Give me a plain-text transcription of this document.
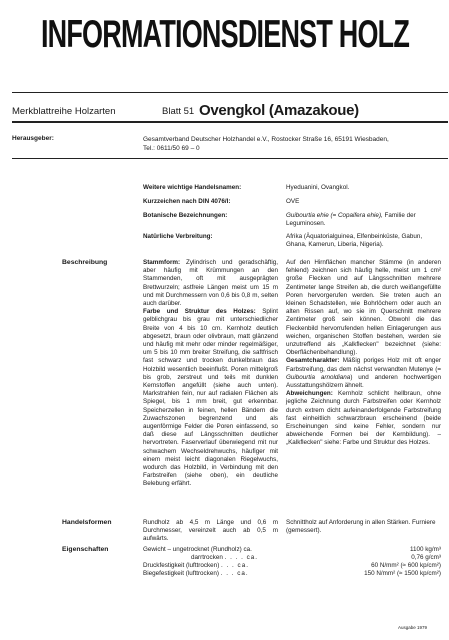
INFORMATIONSDIENST HOLZ
Merkblattreihe Holzarten	Blatt 51 Ovengkol (Amazakoue)
Herausgeber:	Gesamtverband Deutscher Holzhandel e.V., Rostocker Straße 16, 65191 Wiesbaden,
Tel.: 0611/50 69 – 0
Weitere wichtige Handelsnamen:	Hyeduanini, Ovangkol.
Kurzzeichen nach DIN 4076/I:	OVE
Botanische Bezeichnungen:	Guibourtia ehie (= Copaifera ehie), Familie der Leguminosen.
Natürliche Verbreitung:	Afrika (Äquatorialguinea, Elfenbeinküste, Gabun, Ghana, Kamerun, Liberia, Nigeria).
Beschreibung	Stammform: Zylindrisch und geradschäftig, aber häufig mit Krümmungen an den Stammenden, oft mit ausgeprägten Brettwurzeln; astfreie Längen meist um 15 m und mit Durchmessern von 0,6 bis 0,8 m, selten auch darüber.
Farbe und Struktur des Holzes: Splint gelblichgrau bis grau mit unterschiedlicher Breite von 4 bis 10 cm. Kernholz deutlich abgesetzt, braun oder olivbraun, matt glänzend und häufig mit mehr oder minder regelmäßiger, um 5 bis 10 mm breiter Streifung, die saftfrisch fast schwarz und trocken dunkelbraun das Holzbild wesentlich beeinflußt. Poren mittelgroß bis grob, zerstreut und teils mit dunklen Kernstoffen angefüllt (siehe auch unten). Markstrahlen fein, nur auf radialen Flächen als Spiegel, bis 1 mm breit, gut erkennbar. Speicherzellen in feinen, hellen Bändern die Zuwachszonen begrenzend und als augenförmige Felder die Poren einfassend, so daß diese auf Längsschnitten deutlicher hervortreten. Faserverlauf überwiegend mit nur schwachem Wechseldrehwuchs, häufiger mit einem meist leicht diagonalen Riegelwuchs, wodurch das Holzbild, in Verbindung mit den Farbstreifen (siehe oben), ein deutliche Belebung erfährt.
Auf den Hirnflächen mancher Stämme (in anderen fehlend) zeichnen sich häufig helle, meist um 1 cm² große Flecken und auf Längsschnitten mehrere Zentimeter lange Streifen ab, die durch weißangefüllte Poren hervorgerufen werden. Sie treten auch an kleinen Schadstellen, wie Bohrlöchern oder auch an alten Rissen auf, wo sie im Querschnitt mehrere Zentimeter groß sein können. Obwohl die das Fleckenbild hervorrufenden hellen Einlagerungen aus weichen, organischen Stoffen bestehen, werden sie unzutreffend als „Kalkflecken" bezeichnet (siehe: Oberflächenbehandlung).
Gesamtcharakter: Mäßig poriges Holz mit oft enger Farbstreifung, das dem nächst verwandten Mutenye (= Guibourtia arnoldiana) und anderen hochwertigen Ausstattungshölzern ähnelt.
Abweichungen: Kernholz schlicht hellbraun, ohne jegliche Zeichnung durch Farbstreifen oder Kernholz durch extrem dicht aufeinanderfolgende Farbstreifung fast einheitlich schwarzbraun erscheinend (beide Erscheinungen sind keine Fehler, sondern nur abweichende Formen bei der Kernbildung). – „Kalkflecken" siehe: Farbe und Struktur des Holzes.
Handelsformen	Rundholz ab 4,5 m Länge und 0,6 m Durchmesser, vereinzelt auch ab 0,5 m aufwärts.
Schnittholz auf Anforderung in allen Stärken. Furniere (gemessert).
Eigenschaften	Gewicht – ungetrocknet (Rundholz) ca.	1100 kg/m³
darrtrocken . . . . ca.	0,76 g/cm³
Druckfestigkeit (lufttrocken) . . . ca.	60 N/mm² (≈ 600 kp/cm²)
Biegefestigkeit (lufttrocken) . . . ca.	150 N/mm² (≈ 1500 kp/cm²)
Ausgabe 1979
